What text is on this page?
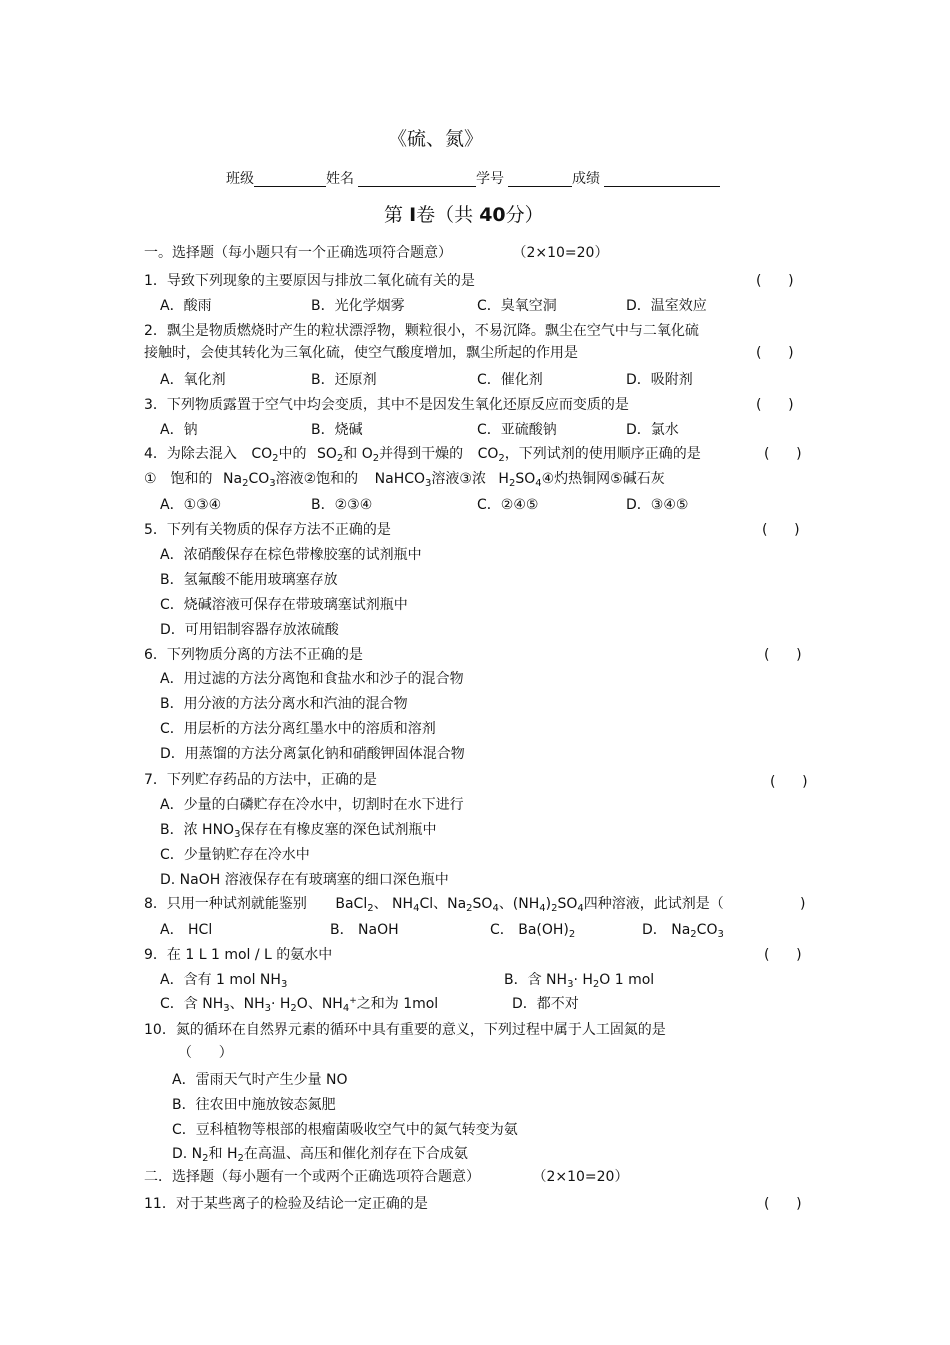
《硫、氮》
班级	姓名	学号	成绩
第 I卷（共 40分）
一。选择题（每小题只有一个正确选项符合题意）	（2×10=20）
1．导致下列现象的主要原因与排放二氧化硫有关的是	(      )
A．酸雨	B．光化学烟雾	C．臭氧空洞	D．温室效应
2．飘尘是物质燃烧时产生的粒状漂浮物，颗粒很小，不易沉降。飘尘在空气中与二氧化硫
接触时，会使其转化为三氧化硫，使空气酸度增加，飘尘所起的作用是	(      )
A．氧化剂	B．还原剂	C．催化剂	D．吸附剂
3．下列物质露置于空气中均会变质，其中不是因发生氧化还原反应而变质的是	(      )
A．钠	B．烧碱	C．亚硫酸钠	D．氯水
4．为除去混入 $CO_2$中的 $SO_2$和 $O_2$并得到干燥的 $CO_2$，下列试剂的使用顺序正确的是	(      )
①　饱和的 $Na_2CO_3$溶液②饱和的 NaHCO$_3$溶液③浓 $H_2SO_4④$灼热铜网⑤碱石灰
A．①③④	B．②③④	C．②④⑤	D．③④⑤
5．下列有关物质的保存方法不正确的是	(      )
A．浓硝酸保存在棕色带橡胶塞的试剂瓶中
B．氢氟酸不能用玻璃塞存放
C．烧碱溶液可保存在带玻璃塞试剂瓶中
D．可用铝制容器存放浓硫酸
6．下列物质分离的方法不正确的是	(      )
A．用过滤的方法分离饱和食盐水和沙子的混合物
B．用分液的方法分离水和汽油的混合物
C．用层析的方法分离红墨水中的溶质和溶剂
D．用蒸馏的方法分离氯化钠和硝酸钾固体混合物
7．下列贮存药品的方法中，正确的是	(      )
A．少量的白磷贮存在冷水中，切割时在水下进行
B．浓 $HNO_3$保存在有橡皮塞的深色试剂瓶中
C．少量钠贮存在冷水中
D. NaOH 溶液保存在有玻璃塞的细口深色瓶中
8．只用一种试剂就能鉴别 BaCl$_2$、 $NH_4Cl$、$Na_2SO_4$、$(NH_4)_2SO_4$四种溶液，此试剂是（	)
A． HCl	B． NaOH	C． $Ba(OH)_2$	D． $Na_2CO_3$
9．在 1 L 1 mol / L 的氨水中	(      )
A．含有 1 mol $NH_3$	B．含 $NH_3\cdot H_2O$ 1 mol
C．含 $NH_3$、$NH_3\cdot H_2O$、$NH_4^+$之和为 1mol	D．都不对
10．氮的循环在自然界元素的循环中具有重要的意义，下列过程中属于人工固氮的是
（      ）
A．雷雨天气时产生少量 NO
B．往农田中施放铵态氮肥
C．豆科植物等根部的根瘤菌吸收空气中的氮气转变为氨
D. $N_2$和 $H_2$在高温、高压和催化剂存在下合成氨
二．选择题（每小题有一个或两个正确选项符合题意）	（2×10=20）
11．对于某些离子的检验及结论一定正确的是	(      )
